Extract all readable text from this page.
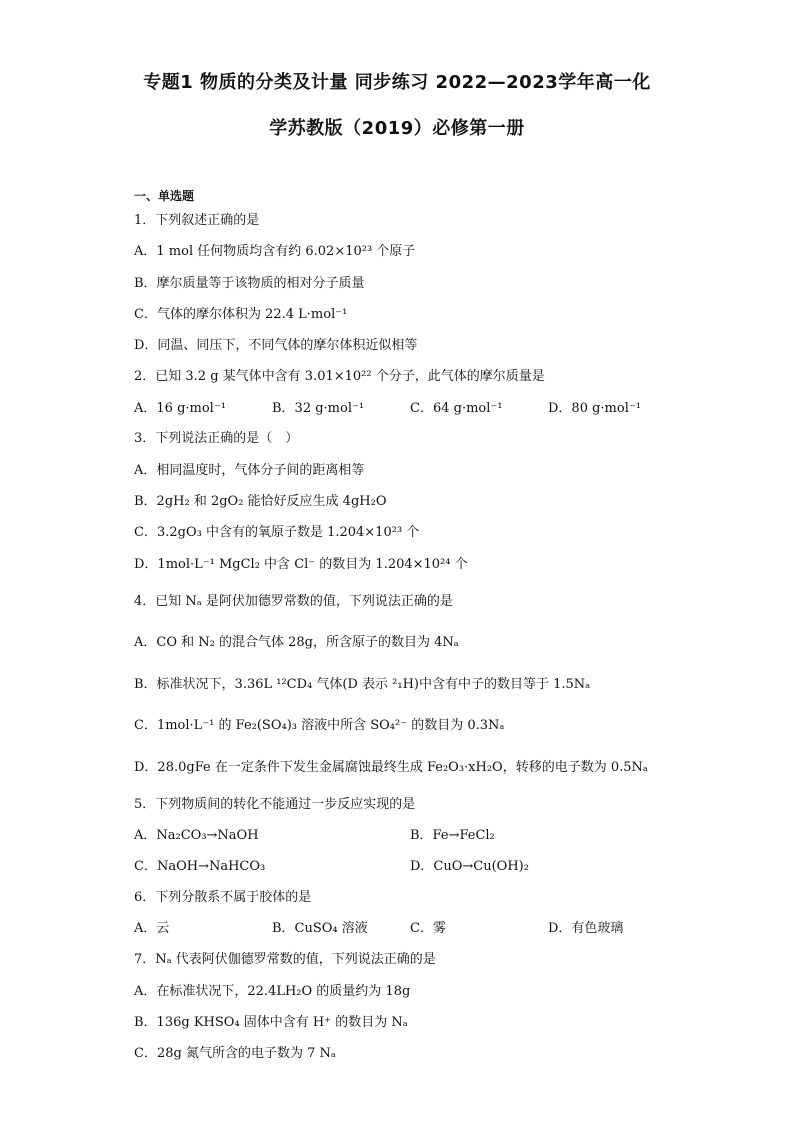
专题1 物质的分类及计量 同步练习 2022—2023学年高一化
学苏教版（2019）必修第一册
一、单选题
1．下列叙述正确的是
A．1 mol 任何物质均含有约 6.02×10²³ 个原子
B．摩尔质量等于该物质的相对分子质量
C．气体的摩尔体积为 22.4 L·mol⁻¹
D．同温、同压下，不同气体的摩尔体积近似相等
2．已知 3.2 g 某气体中含有 3.01×10²² 个分子，此气体的摩尔质量是
A．16 g·mol⁻¹	B．32 g·mol⁻¹	C．64 g·mol⁻¹	D．80 g·mol⁻¹
3．下列说法正确的是（　）
A．相同温度时，气体分子间的距离相等
B．2gH₂ 和 2gO₂ 能恰好反应生成 4gH₂O
C．3.2gO₃ 中含有的氧原子数是 1.204×10²³ 个
D．1mol·L⁻¹ MgCl₂ 中含 Cl⁻ 的数目为 1.204×10²⁴ 个
4．已知 Nₐ 是阿伏加德罗常数的值，下列说法正确的是
A．CO 和 N₂ 的混合气体 28g，所含原子的数目为 4Nₐ
B．标准状况下，3.36L ¹²CD₄ 气体(D 表示 ²₁H)中含有中子的数目等于 1.5Nₐ
C．1mol·L⁻¹ 的 Fe₂(SO₄)₃ 溶液中所含 SO₄²⁻ 的数目为 0.3Nₐ
D．28.0gFe 在一定条件下发生金属腐蚀最终生成 Fe₂O₃·xH₂O，转移的电子数为 0.5Nₐ
5．下列物质间的转化不能通过一步反应实现的是
A．Na₂CO₃→NaOH	B．Fe→FeCl₂
C．NaOH→NaHCO₃	D．CuO→Cu(OH)₂
6．下列分散系不属于胶体的是
A．云	B．CuSO₄ 溶液	C．雾	D．有色玻璃
7．Nₐ 代表阿伏伽德罗常数的值，下列说法正确的是
A．在标准状况下，22.4LH₂O 的质量约为 18g
B．136g KHSO₄ 固体中含有 H⁺ 的数目为 Nₐ
C．28g 氮气所含的电子数为 7 Nₐ
